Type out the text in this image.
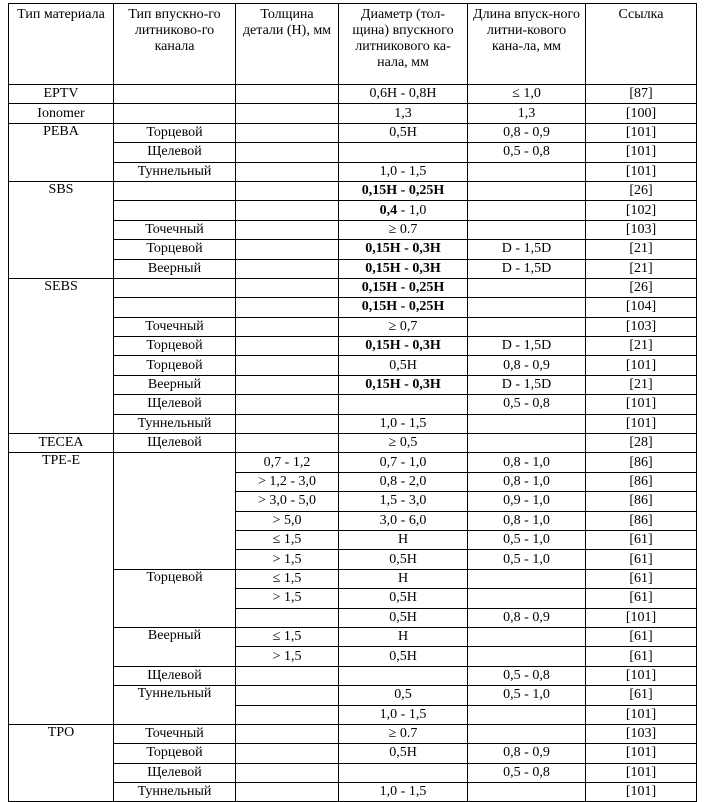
Тип материала	Тип впускно-го литниково-го канала	Толщина детали (H), мм	Диаметр (тол-щина) впускного литникового ка-нала, мм	Длина впуск-ного литни-кового кана-ла, мм	Ссылка
EPTV			0,6H - 0,8H	≤ 1,0	[87]
Ionomer			1,3	1,3	[100]
PEBA	Торцевой		0,5H	0,8 - 0,9	[101]
	Щелевой			0,5 - 0,8	[101]
	Туннельный		1,0 - 1,5		[101]
SBS			0,15H - 0,25H		[26]
			0,4 - 1,0		[102]
	Точечный		≥ 0.7		[103]
	Торцевой		0,15H - 0,3H	D - 1,5D	[21]
	Веерный		0,15H - 0,3H	D - 1,5D	[21]
SEBS			0,15H - 0,25H		[26]
			0,15H - 0,25H		[104]
	Точечный		≥ 0,7		[103]
	Торцевой		0,15H - 0,3H	D - 1,5D	[21]
	Торцевой		0,5H	0,8 - 0,9	[101]
	Веерный		0,15H - 0,3H	D - 1,5D	[21]
	Щелевой			0,5 - 0,8	[101]
	Туннельный		1,0 - 1,5		[101]
TECEA	Щелевой		≥ 0,5		[28]
TPE-E		0,7 - 1,2	0,7 - 1,0	0,8 - 1,0	[86]
		> 1,2 - 3,0	0,8 - 2,0	0,8 - 1,0	[86]
		> 3,0 - 5,0	1,5 - 3,0	0,9 - 1,0	[86]
		> 5,0	3,0 - 6,0	0,8 - 1,0	[86]
		≤ 1,5	H	0,5 - 1,0	[61]
		> 1,5	0,5H	0,5 - 1,0	[61]
	Торцевой	≤ 1,5	H		[61]
		> 1,5	0,5H		[61]
			0,5H	0,8 - 0,9	[101]
	Веерный	≤ 1,5	H		[61]
		> 1,5	0,5H		[61]
	Щелевой			0,5 - 0,8	[101]
	Туннельный		0,5	0,5 - 1,0	[61]
			1,0 - 1,5		[101]
TPO	Точечный		≥ 0.7		[103]
	Торцевой		0,5H	0,8 - 0,9	[101]
	Щелевой			0,5 - 0,8	[101]
	Туннельный		1,0 - 1,5		[101]
